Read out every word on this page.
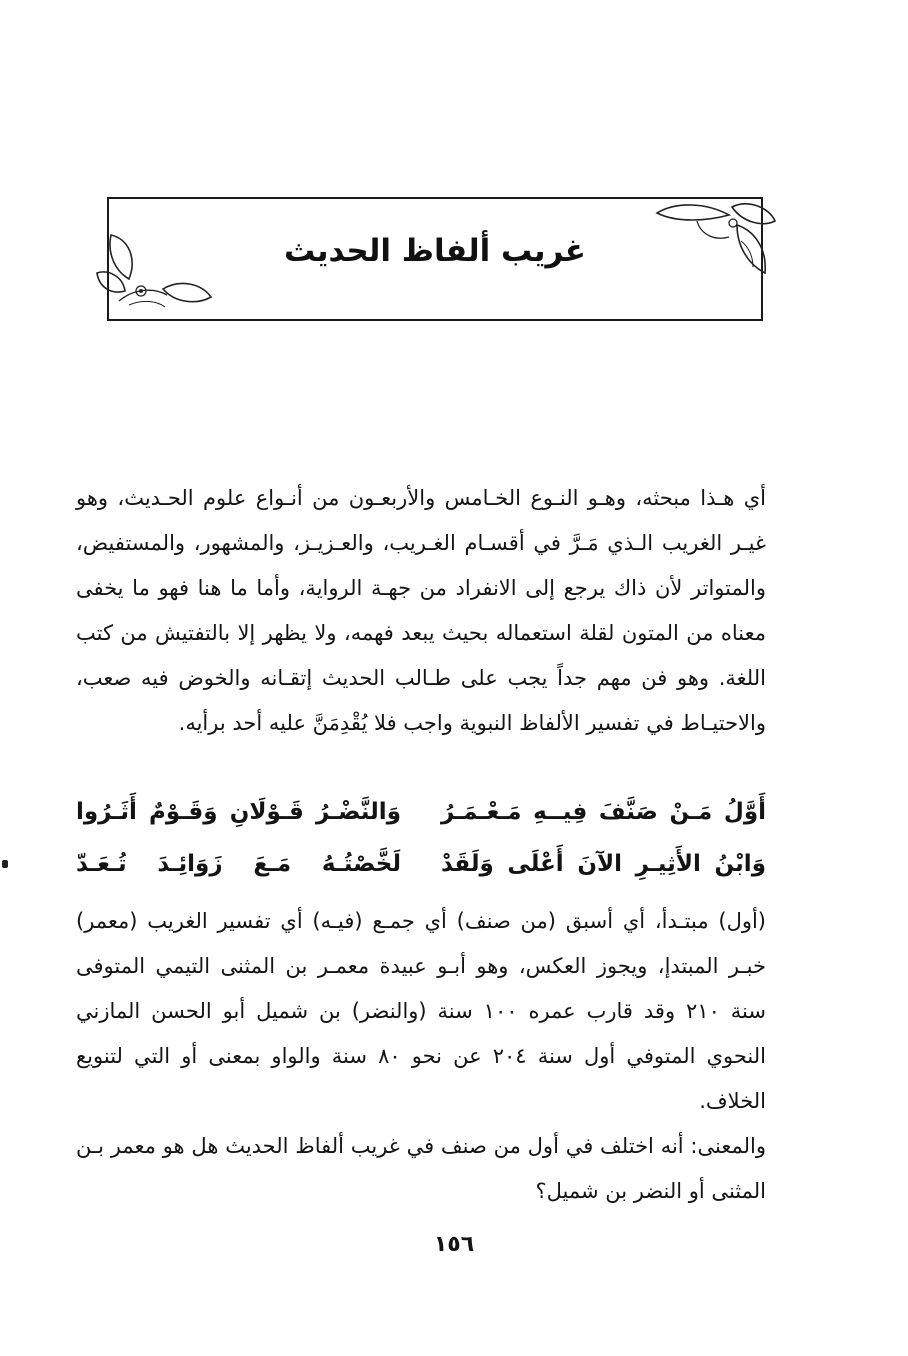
غريب ألفاظ الحديث
أي هـذا مبحثه، وهـو النـوع الخـامس والأربعـون من أنـواع علوم الحـديث، وهو غيـر الغريب الـذي مَـرَّ في أقسـام الغـريب، والعـزيـز، والمشهور، والمستفيض، والمتواتر لأن ذاك يرجع إلى الانفراد من جهـة الرواية، وأما ما هنا فهو ما يخفى معناه من المتون لقلة استعماله بحيث يبعد فهمه، ولا يظهر إلا بالتفتيش من كتب اللغة. وهو فن مهم جداً يجب على طـالب الحديث إتقـانه والخوض فيه صعب، والاحتيـاط في تفسير الألفاظ النبوية واجب فلا يُقْدِمَنَّ عليه أحد برأيه.
أَوَّلُ مَـنْ صَنَّفَ فِيــهِ مَـعْـمَـرُ
وَالنَّضْـرُ قَـوْلَانِ وَقَـوْمٌ أَثَـرُوا
وَابْنُ الأَثِيـرِ الآنَ أَعْلَى وَلَقَدْ
لَخَّصْتُـهُ مَـعَ زَوَائِـدَ تُـعَـدّ
(أول) مبتـدأ، أي أسبق (من صنف) أي جمـع (فيـه) أي تفسير الغريب (معمر) خبـر المبتدإ، ويجوز العكس، وهو أبـو عبيدة معمـر بن المثنى التيمي المتوفى سنة ٢١٠ وقد قارب عمره ١٠٠ سنة (والنضر) بن شميل أبو الحسن المازني النحوي المتوفي أول سنة ٢٠٤ عن نحو ٨٠ سنة والواو بمعنى أو التي لتنويع الخلاف.
والمعنى: أنه اختلف في أول من صنف في غريب ألفاظ الحديث هل هو معمر بـن المثنى أو النضر بن شميل؟
١٥٦
